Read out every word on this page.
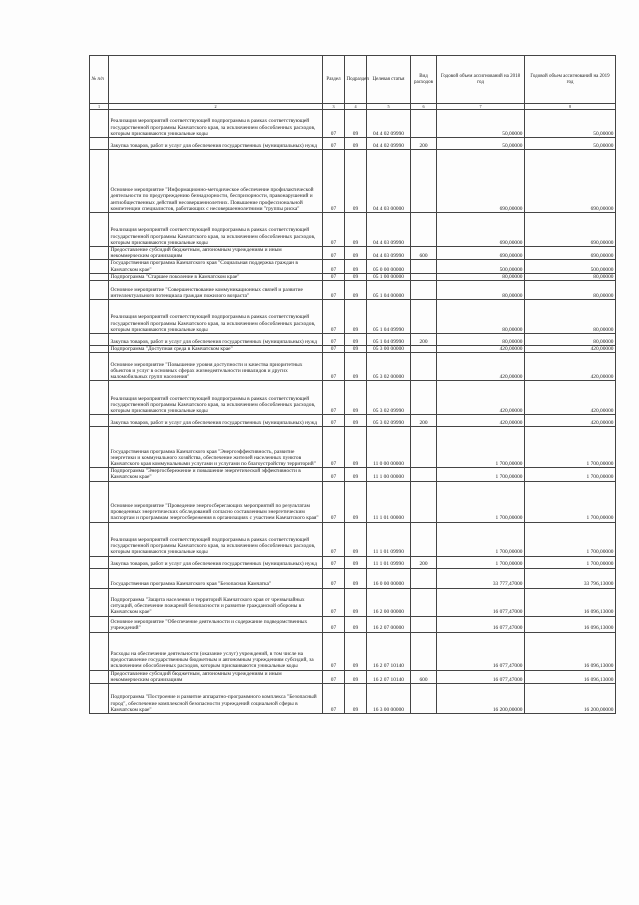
№ п/п		Раздел	Подраздел	Целевая статья	Вид расходов	Годовой объем ассигнований на 2018 год	Годовой объем ассигнований на 2019 год
1	2	3	4	5	6	7	8
	Реализация мероприятий соответствующей подпрограммы в рамках соответствующей государственной программы Камчатского края, за исключением обособленных расходов, которым присваиваются уникальные коды	07	09	04 4 02 09990		50,00000	50,00000
	Закупка товаров, работ и услуг для обеспечения государственных (муниципальных) нужд	07	09	04 4 02 09990	200	50,00000	50,00000
	Основное мероприятие "Информационно-методическое обеспечение профилактической деятельности по предупреждению безнадзорности, беспризорности, правонарушений и антиобщественных действий несовершеннолетних. Повышение профессиональной компетенции специалистов, работающих с несовершеннолетними "группы риска"	07	09	04 4 03 00000		690,00000	690,00000
	Реализация мероприятий соответствующей подпрограммы в рамках соответствующей государственной программы Камчатского края, за исключением обособленных расходов, которым присваиваются уникальные коды	07	09	04 4 03 09990		690,00000	690,00000
	Предоставление субсидий бюджетным, автономным учреждениям и иным некоммерческим организациям	07	09	04 4 03 09990	600	690,00000	690,00000
	Государственная программа Камчатского края "Социальная поддержка граждан в Камчатском крае"	07	09	05 0 00 00000		500,00000	500,00000
	Подпрограмма "Старшее поколение в Камчатском крае"	07	09	05 1 00 00000		80,00000	80,00000
	Основное мероприятие "Совершенствование коммуникационных связей и развитие интеллектуального потенциала граждан пожилого возраста"	07	09	05 1 04 00000		80,00000	80,00000
	Реализация мероприятий соответствующей подпрограммы в рамках соответствующей государственной программы Камчатского края, за исключением обособленных расходов, которым присваиваются уникальные коды	07	09	05 1 04 09990		80,00000	80,00000
	Закупка товаров, работ и услуг для обеспечения государственных (муниципальных) нужд	07	09	05 1 04 09990	200	80,00000	80,00000
	Подпрограмма "Доступная среда в Камчатском крае"	07	09	05 3 00 00000		420,00000	420,00000
	Основное мероприятие "Повышение уровня доступности и качества приоритетных объектов и услуг в основных сферах жизнедеятельности инвалидов и других маломобильных групп населения"	07	09	05 3 02 00000		420,00000	420,00000
	Реализация мероприятий соответствующей подпрограммы в рамках соответствующей государственной программы Камчатского края, за исключением обособленных расходов, которым присваиваются уникальные коды	07	09	05 3 02 09990		420,00000	420,00000
	Закупка товаров, работ и услуг для обеспечения государственных (муниципальных) нужд	07	09	05 3 02 09990	200	420,00000	420,00000
	Государственная программа Камчатского края "Энергоэффективность, развитие энергетики и коммунального хозяйства, обеспечение жителей населенных пунктов Камчатского края коммунальными услугами и услугами по благоустройству территорий"	07	09	11 0 00 00000		1 700,00000	1 700,00000
	Подпрограмма "Энергосбережение и повышение энергетической эффективности в Камчатском крае"	07	09	11 1 00 00000		1 700,00000	1 700,00000
	Основное мероприятие "Проведение энергосберегающих мероприятий по результатам проведенных энергетических обследований согласно составленным энергетическим паспортам и программам энергосбережения в организациях с участием Камчатского края"	07	09	11 1 01 00000		1 700,00000	1 700,00000
	Реализация мероприятий соответствующей подпрограммы в рамках соответствующей государственной программы Камчатского края, за исключением обособленных расходов, которым присваиваются уникальные коды	07	09	11 1 01 09990		1 700,00000	1 700,00000
	Закупка товаров, работ и услуг для обеспечения государственных (муниципальных) нужд	07	09	11 1 01 09990	200	1 700,00000	1 700,00000
	Государственная программа Камчатского края "Безопасная Камчатка"	07	09	16 0 00 00000		33 777,47000	33 796,13000
	Подпрограмма "Защита населения и территорий Камчатского края от чрезвычайных ситуаций, обеспечение пожарной безопасности и развитие гражданской обороны в Камчатском крае"	07	09	16 2 00 00000		16 077,47000	16 096,13000
	Основное мероприятие "Обеспечение деятельности и содержание подведомственных учреждений"	07	09	16 2 07 00000		16 077,47000	16 096,13000
	Расходы на обеспечение деятельности (оказание услуг) учреждений, в том числе на предоставление государственным бюджетным и автономным учреждениям субсидий, за исключением обособленных расходов, которым присваиваются уникальные коды	07	09	16 2 07 10140		16 077,47000	16 096,13000
	Предоставление субсидий бюджетным, автономным учреждениям и иным некоммерческим организациям	07	09	16 2 07 10140	600	16 077,47000	16 096,13000
	Подпрограмма "Построение и развитие аппаратно-программного комплекса "Безопасный город", обеспечение комплексной безопасности учреждений социальной сферы в Камчатском крае"	07	09	16 3 00 00000		16 200,00000	16 200,00000
